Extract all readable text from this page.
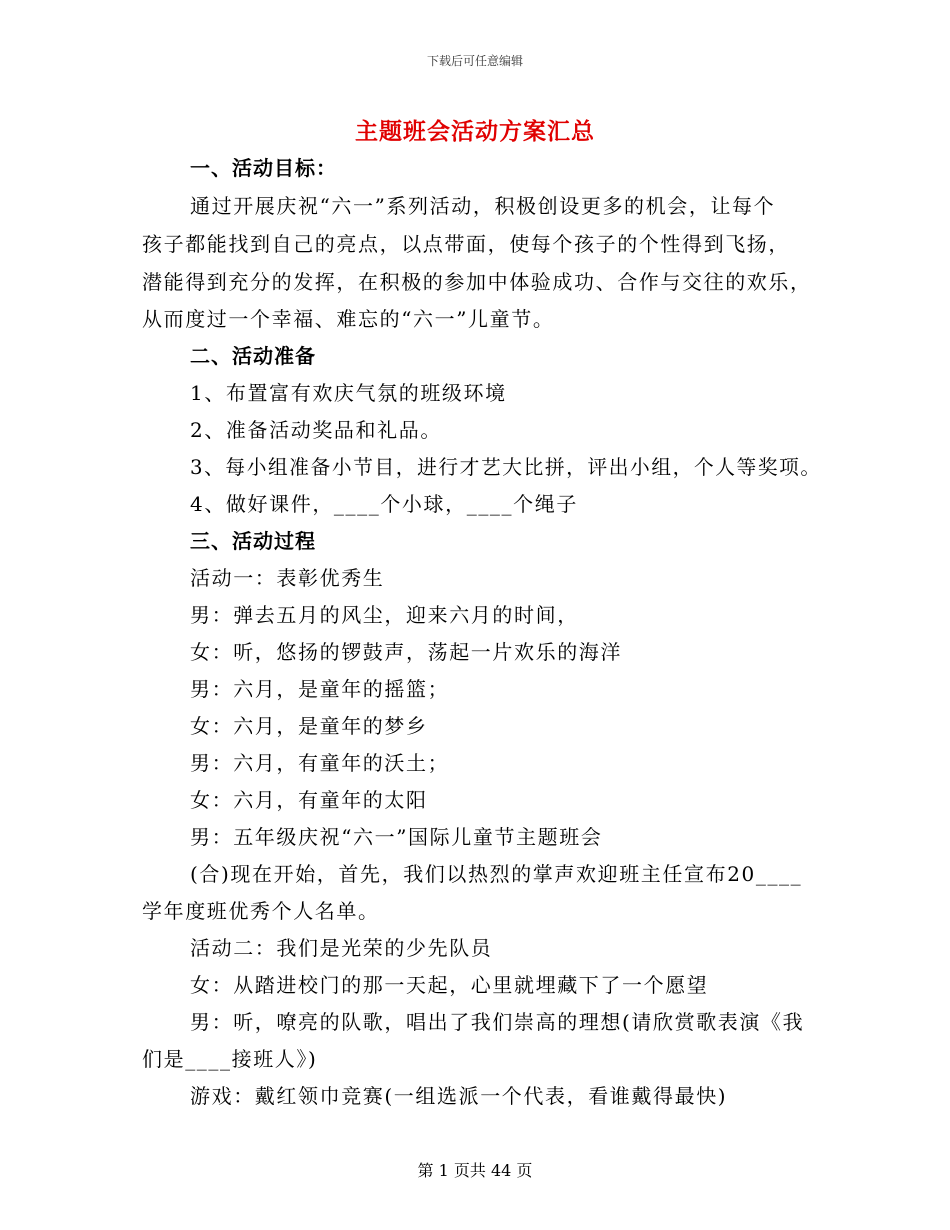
下载后可任意编辑
主题班会活动方案汇总
一、活动目标：
通过开展庆祝“六一”系列活动，积极创设更多的机会，让每个
孩子都能找到自己的亮点，以点带面，使每个孩子的个性得到飞扬，
潜能得到充分的发挥，在积极的参加中体验成功、合作与交往的欢乐，
从而度过一个幸福、难忘的“六一”儿童节。
二、活动准备
1、布置富有欢庆气氛的班级环境
2、准备活动奖品和礼品。
3、每小组准备小节目，进行才艺大比拼，评出小组，个人等奖项。
4、做好课件，____个小球，____个绳子
三、活动过程
活动一：表彰优秀生
男：弹去五月的风尘，迎来六月的时间，
女：听，悠扬的锣鼓声，荡起一片欢乐的海洋
男：六月，是童年的摇篮；
女：六月，是童年的梦乡
男：六月，有童年的沃土；
女：六月，有童年的太阳
男：五年级庆祝“六一”国际儿童节主题班会
(合)现在开始，首先，我们以热烈的掌声欢迎班主任宣布20____
学年度班优秀个人名单。
活动二：我们是光荣的少先队员
女：从踏进校门的那一天起，心里就埋藏下了一个愿望
男：听，嘹亮的队歌，唱出了我们崇高的理想(请欣赏歌表演《我
们是____接班人》)
游戏：戴红领巾竞赛(一组选派一个代表，看谁戴得最快)
第 1 页共 44 页
